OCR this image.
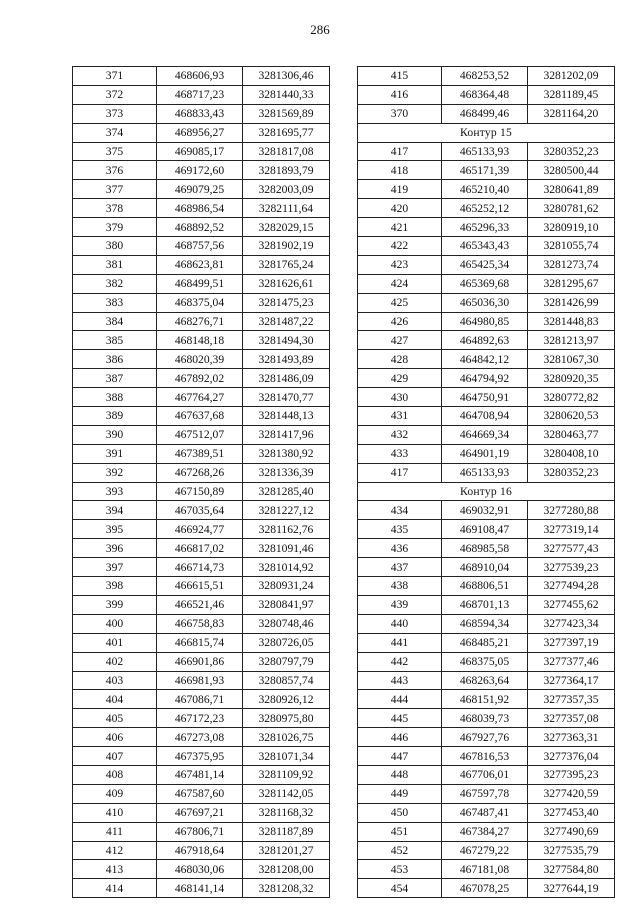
286
371	468606,93	3281306,46
372	468717,23	3281440,33
373	468833,43	3281569,89
374	468956,27	3281695,77
375	469085,17	3281817,08
376	469172,60	3281893,79
377	469079,25	3282003,09
378	468986,54	3282111,64
379	468892,52	3282029,15
380	468757,56	3281902,19
381	468623,81	3281765,24
382	468499,51	3281626,61
383	468375,04	3281475,23
384	468276,71	3281487,22
385	468148,18	3281494,30
386	468020,39	3281493,89
387	467892,02	3281486,09
388	467764,27	3281470,77
389	467637,68	3281448,13
390	467512,07	3281417,96
391	467389,51	3281380,92
392	467268,26	3281336,39
393	467150,89	3281285,40
394	467035,64	3281227,12
395	466924,77	3281162,76
396	466817,02	3281091,46
397	466714,73	3281014,92
398	466615,51	3280931,24
399	466521,46	3280841,97
400	466758,83	3280748,46
401	466815,74	3280726,05
402	466901,86	3280797,79
403	466981,93	3280857,74
404	467086,71	3280926,12
405	467172,23	3280975,80
406	467273,08	3281026,75
407	467375,95	3281071,34
408	467481,14	3281109,92
409	467587,60	3281142,05
410	467697,21	3281168,32
411	467806,71	3281187,89
412	467918,64	3281201,27
413	468030,06	3281208,00
414	468141,14	3281208,32
415	468253,52	3281202,09
416	468364,48	3281189,45
370	468499,46	3281164,20
Контур 15		
417	465133,93	3280352,23
418	465171,39	3280500,44
419	465210,40	3280641,89
420	465252,12	3280781,62
421	465296,33	3280919,10
422	465343,43	3281055,74
423	465425,34	3281273,74
424	465369,68	3281295,67
425	465036,30	3281426,99
426	464980,85	3281448,83
427	464892,63	3281213,97
428	464842,12	3281067,30
429	464794,92	3280920,35
430	464750,91	3280772,82
431	464708,94	3280620,53
432	464669,34	3280463,77
433	464901,19	3280408,10
417	465133,93	3280352,23
Контур 16		
434	469032,91	3277280,88
435	469108,47	3277319,14
436	468985,58	3277577,43
437	468910,04	3277539,23
438	468806,51	3277494,28
439	468701,13	3277455,62
440	468594,34	3277423,34
441	468485,21	3277397,19
442	468375,05	3277377,46
443	468263,64	3277364,17
444	468151,92	3277357,35
445	468039,73	3277357,08
446	467927,76	3277363,31
447	467816,53	3277376,04
448	467706,01	3277395,23
449	467597,78	3277420,59
450	467487,41	3277453,40
451	467384,27	3277490,69
452	467279,22	3277535,79
453	467181,08	3277584,80
454	467078,25	3277644,19
